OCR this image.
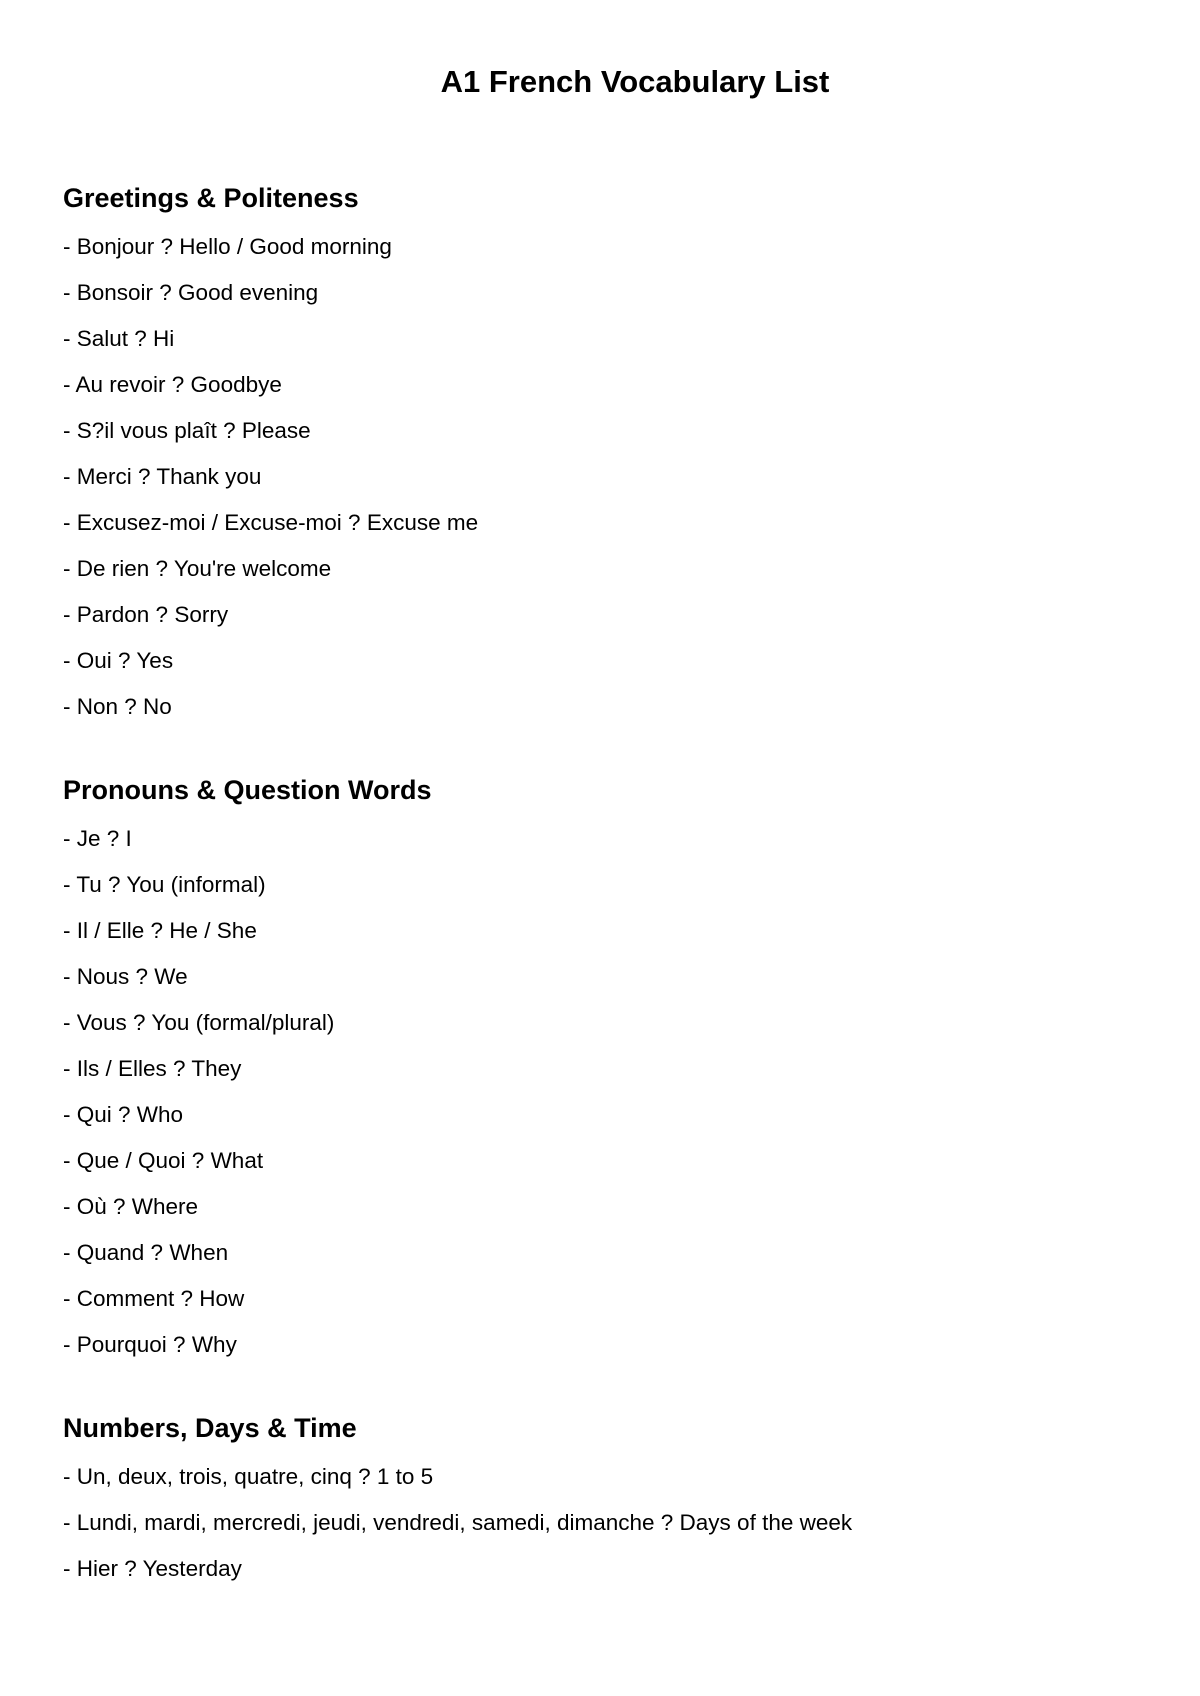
A1 French Vocabulary List
Greetings & Politeness
- Bonjour ? Hello / Good morning
- Bonsoir ? Good evening
- Salut ? Hi
- Au revoir ? Goodbye
- S?il vous plaît ? Please
- Merci ? Thank you
- Excusez-moi / Excuse-moi ? Excuse me
- De rien ? You're welcome
- Pardon ? Sorry
- Oui ? Yes
- Non ? No
Pronouns & Question Words
- Je ? I
- Tu ? You (informal)
- Il / Elle ? He / She
- Nous ? We
- Vous ? You (formal/plural)
- Ils / Elles ? They
- Qui ? Who
- Que / Quoi ? What
- Où ? Where
- Quand ? When
- Comment ? How
- Pourquoi ? Why
Numbers, Days & Time
- Un, deux, trois, quatre, cinq ? 1 to 5
- Lundi, mardi, mercredi, jeudi, vendredi, samedi, dimanche ? Days of the week
- Hier ? Yesterday
